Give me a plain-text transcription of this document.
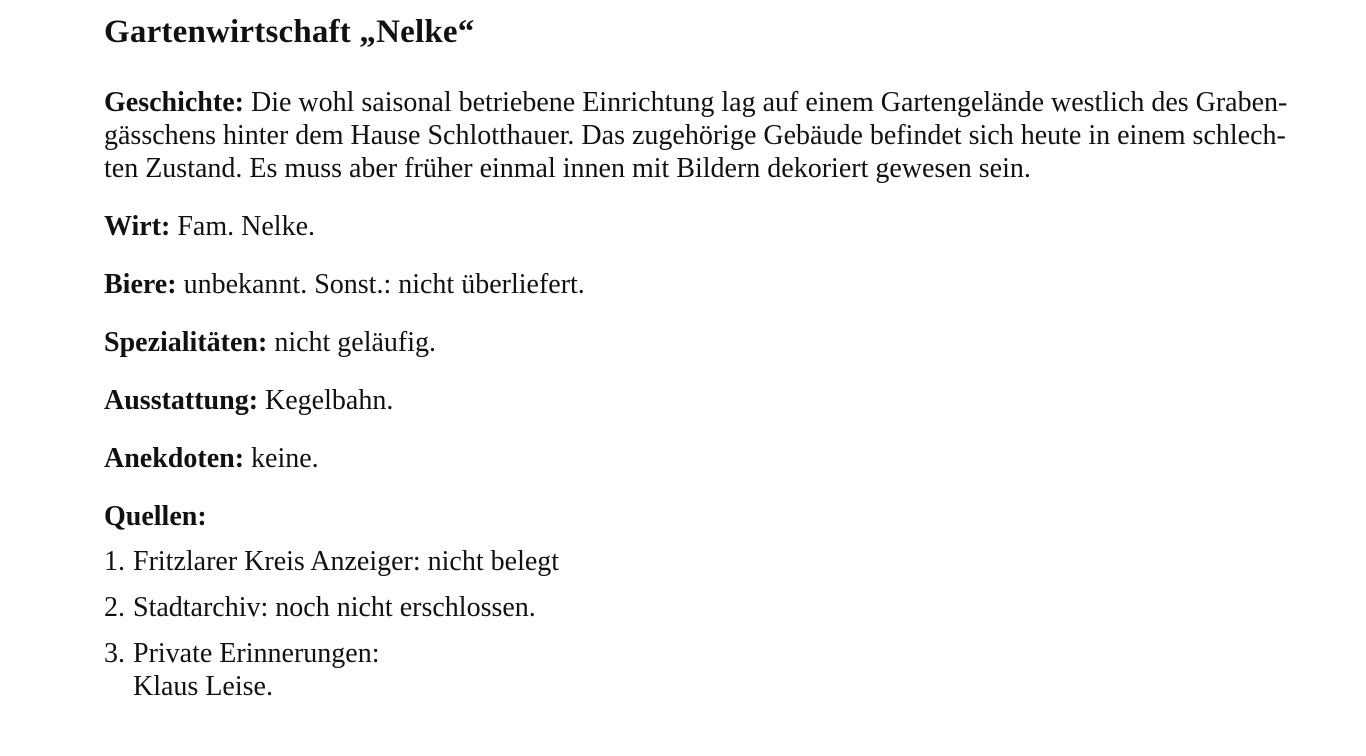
Gartenwirtschaft „Nelke“

Geschichte: Die wohl saisonal betriebene Einrichtung lag auf einem Gartengelände westlich des Graben-

gässchens hinter dem Hause Schlotthauer. Das zugehörige Gebäude befindet sich heute in einem schlech-

ten Zustand. Es muss aber früher einmal innen mit Bildern dekoriert gewesen sein.

Wirt: Fam. Nelke.

Biere: unbekannt. Sonst.: nicht überliefert.

Spezialitäten: nicht geläufig.

Ausstattung: Kegelbahn.

Anekdoten: keine.

Quellen:

1. Fritzlarer Kreis Anzeiger: nicht belegt
2. Stadtarchiv: noch nicht erschlossen.
3. Private Erinnerungen:
Klaus Leise.
